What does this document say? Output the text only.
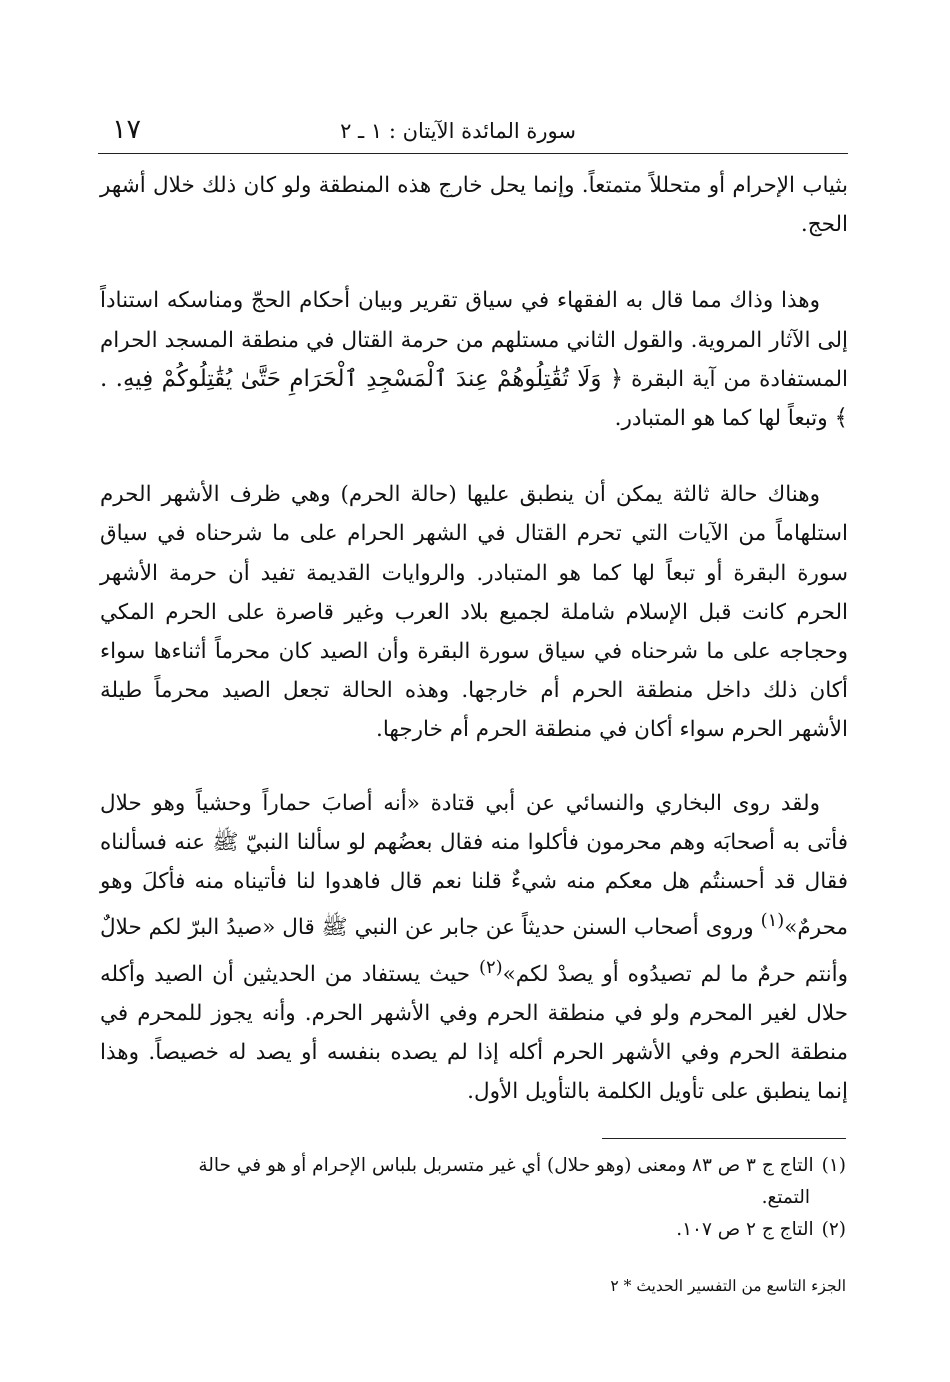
سورة المائدة الآيتان : ١ ـ ٢
١٧

بثياب الإحرام أو متحللاً متمتعاً. وإنما يحل خارج هذه المنطقة ولو كان ذلك خلال أشهر الحج.

وهذا وذاك مما قال به الفقهاء في سياق تقرير وبيان أحكام الحجّ ومناسكه استناداً إلى الآثار المروية. والقول الثاني مستلهم من حرمة القتال في منطقة المسجد الحرام المستفادة من آية البقرة ﴿ وَلَا تُقَٰتِلُوهُمْ عِندَ ٱلْمَسْجِدِ ٱلْحَرَامِ حَتَّىٰ يُقَٰتِلُوكُمْ فِيهِ. . ﴾ وتبعاً لها كما هو المتبادر.

وهناك حالة ثالثة يمكن أن ينطبق عليها (حالة الحرم) وهي ظرف الأشهر الحرم استلهاماً من الآيات التي تحرم القتال في الشهر الحرام على ما شرحناه في سياق سورة البقرة أو تبعاً لها كما هو المتبادر. والروايات القديمة تفيد أن حرمة الأشهر الحرم كانت قبل الإسلام شاملة لجميع بلاد العرب وغير قاصرة على الحرم المكي وحجاجه على ما شرحناه في سياق سورة البقرة وأن الصيد كان محرماً أثناءها سواء أكان ذلك داخل منطقة الحرم أم خارجها. وهذه الحالة تجعل الصيد محرماً طيلة الأشهر الحرم سواء أكان في منطقة الحرم أم خارجها.

ولقد روى البخاري والنسائي عن أبي قتادة «أنه أصابَ حماراً وحشياً وهو حلال فأتى به أصحابَه وهم محرمون فأكلوا منه فقال بعضُهم لو سألنا النبيّ ﷺ عنه فسألناه فقال قد أحسنتُم هل معكم منه شيءٌ قلنا نعم قال فاهدوا لنا فأتيناه منه فأكلَ وهو محرمٌ»$^{(١)}$ وروى أصحاب السنن حديثاً عن جابر عن النبي ﷺ قال «صيدُ البرّ لكم حلالٌ وأنتم حرمٌ ما لم تصيدُوه أو يصدْ لكم»$^{(٢)}$ حيث يستفاد من الحديثين أن الصيد وأكله حلال لغير المحرم ولو في منطقة الحرم وفي الأشهر الحرم. وأنه يجوز للمحرم في منطقة الحرم وفي الأشهر الحرم أكله إذا لم يصده بنفسه أو يصد له خصيصاً. وهذا إنما ينطبق على تأويل الكلمة بالتأويل الأول.

(١)التاج ج ٣ ص ٨٣ ومعنى (وهو حلال) أي غير متسربل بلباس الإحرام أو هو في حالة

التمتع.

(٢)التاج ج ٢ ص ١٠٧.

الجزء التاسع من التفسير الحديث * ٢
